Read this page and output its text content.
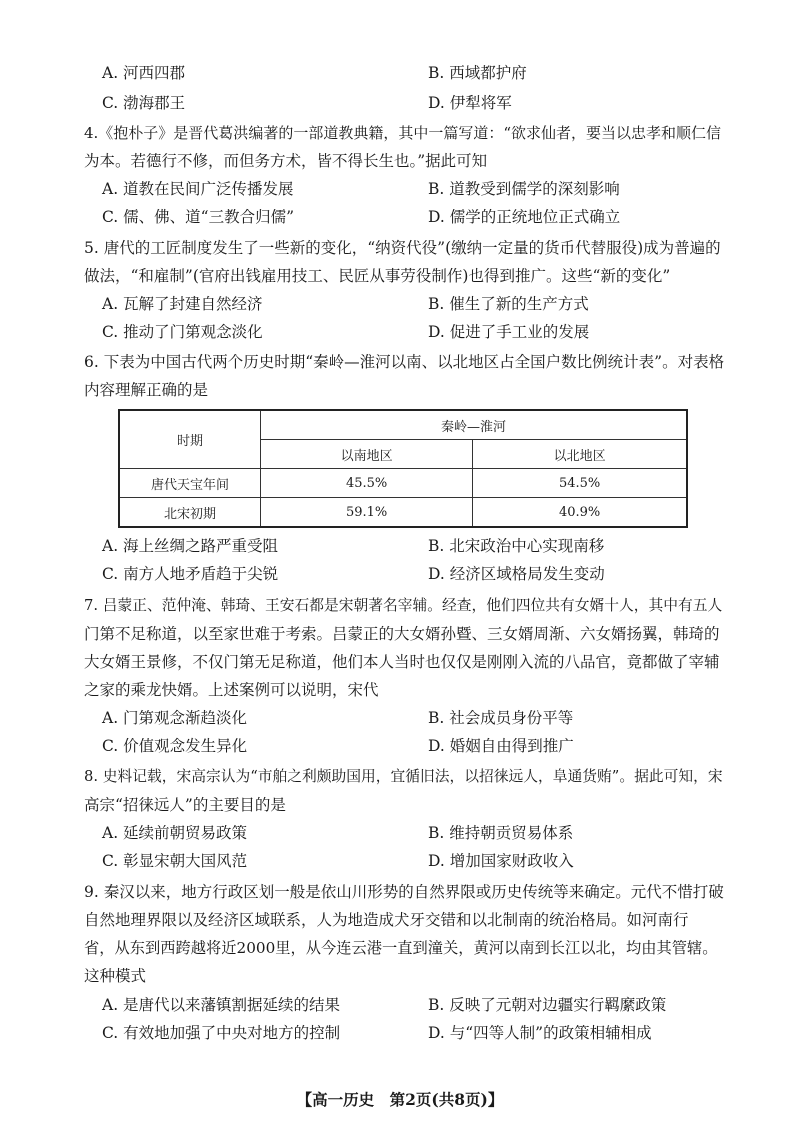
A. 河西四郡	B. 西域都护府
C. 渤海郡王	D. 伊犁将军
4.《抱朴子》是晋代葛洪编著的一部道教典籍，其中一篇写道：“欲求仙者，要当以忠孝和顺仁信
为本。若德行不修，而但务方术，皆不得长生也。”据此可知
A. 道教在民间广泛传播发展	B. 道教受到儒学的深刻影响
C. 儒、佛、道“三教合归儒”	D. 儒学的正统地位正式确立
5. 唐代的工匠制度发生了一些新的变化，“纳资代役”(缴纳一定量的货币代替服役)成为普遍的
做法，“和雇制”(官府出钱雇用技工、民匠从事劳役制作)也得到推广。这些“新的变化”
A. 瓦解了封建自然经济	B. 催生了新的生产方式
C. 推动了门第观念淡化	D. 促进了手工业的发展
6. 下表为中国古代两个历史时期“秦岭—淮河以南、以北地区占全国户数比例统计表”。对表格
内容理解正确的是
时期	秦岭—淮河	
	以南地区	以北地区
唐代天宝年间	45.5%	54.5%
北宋初期	59.1%	40.9%
A. 海上丝绸之路严重受阻	B. 北宋政治中心实现南移
C. 南方人地矛盾趋于尖锐	D. 经济区域格局发生变动
7. 吕蒙正、范仲淹、韩琦、王安石都是宋朝著名宰辅。经查，他们四位共有女婿十人，其中有五人
门第不足称道，以至家世难于考索。吕蒙正的大女婿孙暨、三女婿周渐、六女婿扬翼，韩琦的
大女婿王景修，不仅门第无足称道，他们本人当时也仅仅是刚刚入流的八品官，竟都做了宰辅
之家的乘龙快婿。上述案例可以说明，宋代
A. 门第观念渐趋淡化	B. 社会成员身份平等
C. 价值观念发生异化	D. 婚姻自由得到推广
8. 史料记载，宋高宗认为“市舶之利颇助国用，宜循旧法，以招徕远人，阜通货贿”。据此可知，宋
高宗“招徕远人”的主要目的是
A. 延续前朝贸易政策	B. 维持朝贡贸易体系
C. 彰显宋朝大国风范	D. 增加国家财政收入
9. 秦汉以来，地方行政区划一般是依山川形势的自然界限或历史传统等来确定。元代不惜打破
自然地理界限以及经济区域联系，人为地造成犬牙交错和以北制南的统治格局。如河南行
省，从东到西跨越将近2000里，从今连云港一直到潼关，黄河以南到长江以北，均由其管辖。
这种模式
A. 是唐代以来藩镇割据延续的结果	B. 反映了元朝对边疆实行羁縻政策
C. 有效地加强了中央对地方的控制	D. 与“四等人制”的政策相辅相成
【高一历史　第2页(共8页)】
